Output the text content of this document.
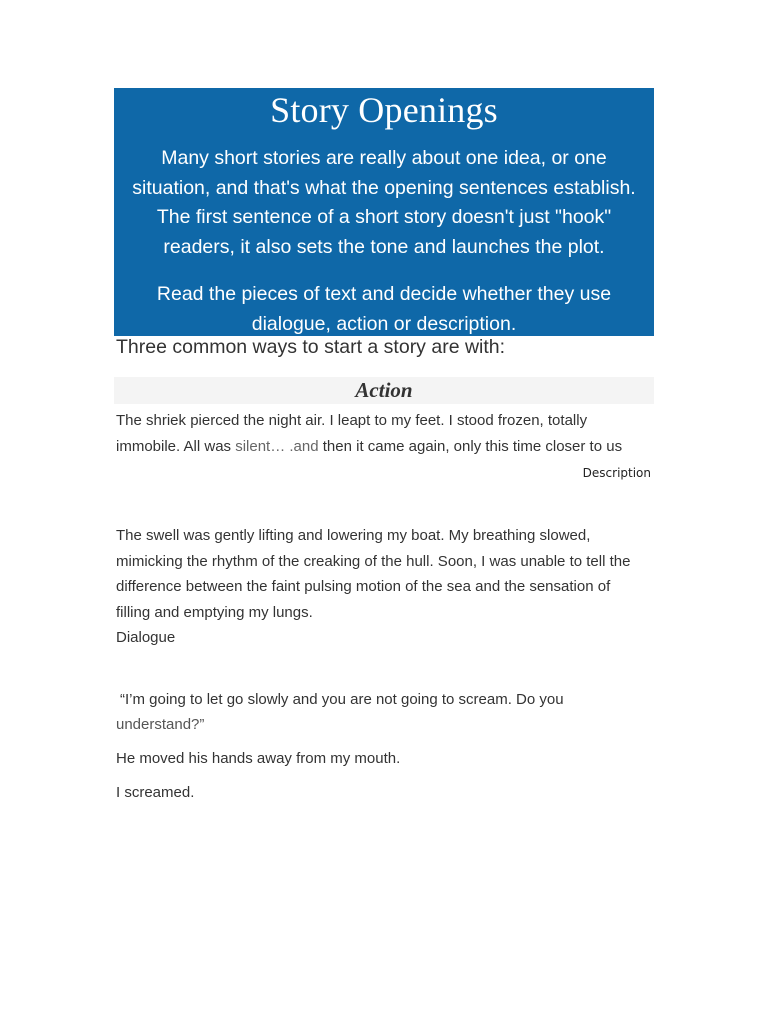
Story Openings
Many short stories are really about one idea, or one
situation, and that's what the opening sentences establish.
The first sentence of a short story doesn't just "hook"
readers, it also sets the tone and launches the plot.
Read the pieces of text and decide whether they use
dialogue, action or description.
Three common ways to start a story are with:
Action
The shriek pierced the night air. I leapt to my feet. I stood frozen, totally
immobile. All was silent… .and then it came again, only this time closer to us
Description
The swell was gently lifting and lowering my boat. My breathing slowed,
mimicking the rhythm of the creaking of the hull. Soon, I was unable to tell the
difference between the faint pulsing motion of the sea and the sensation of
filling and emptying my lungs.
Dialogue
“I’m going to let go slowly and you are not going to scream. Do you
understand?”
He moved his hands away from my mouth.
I screamed.
